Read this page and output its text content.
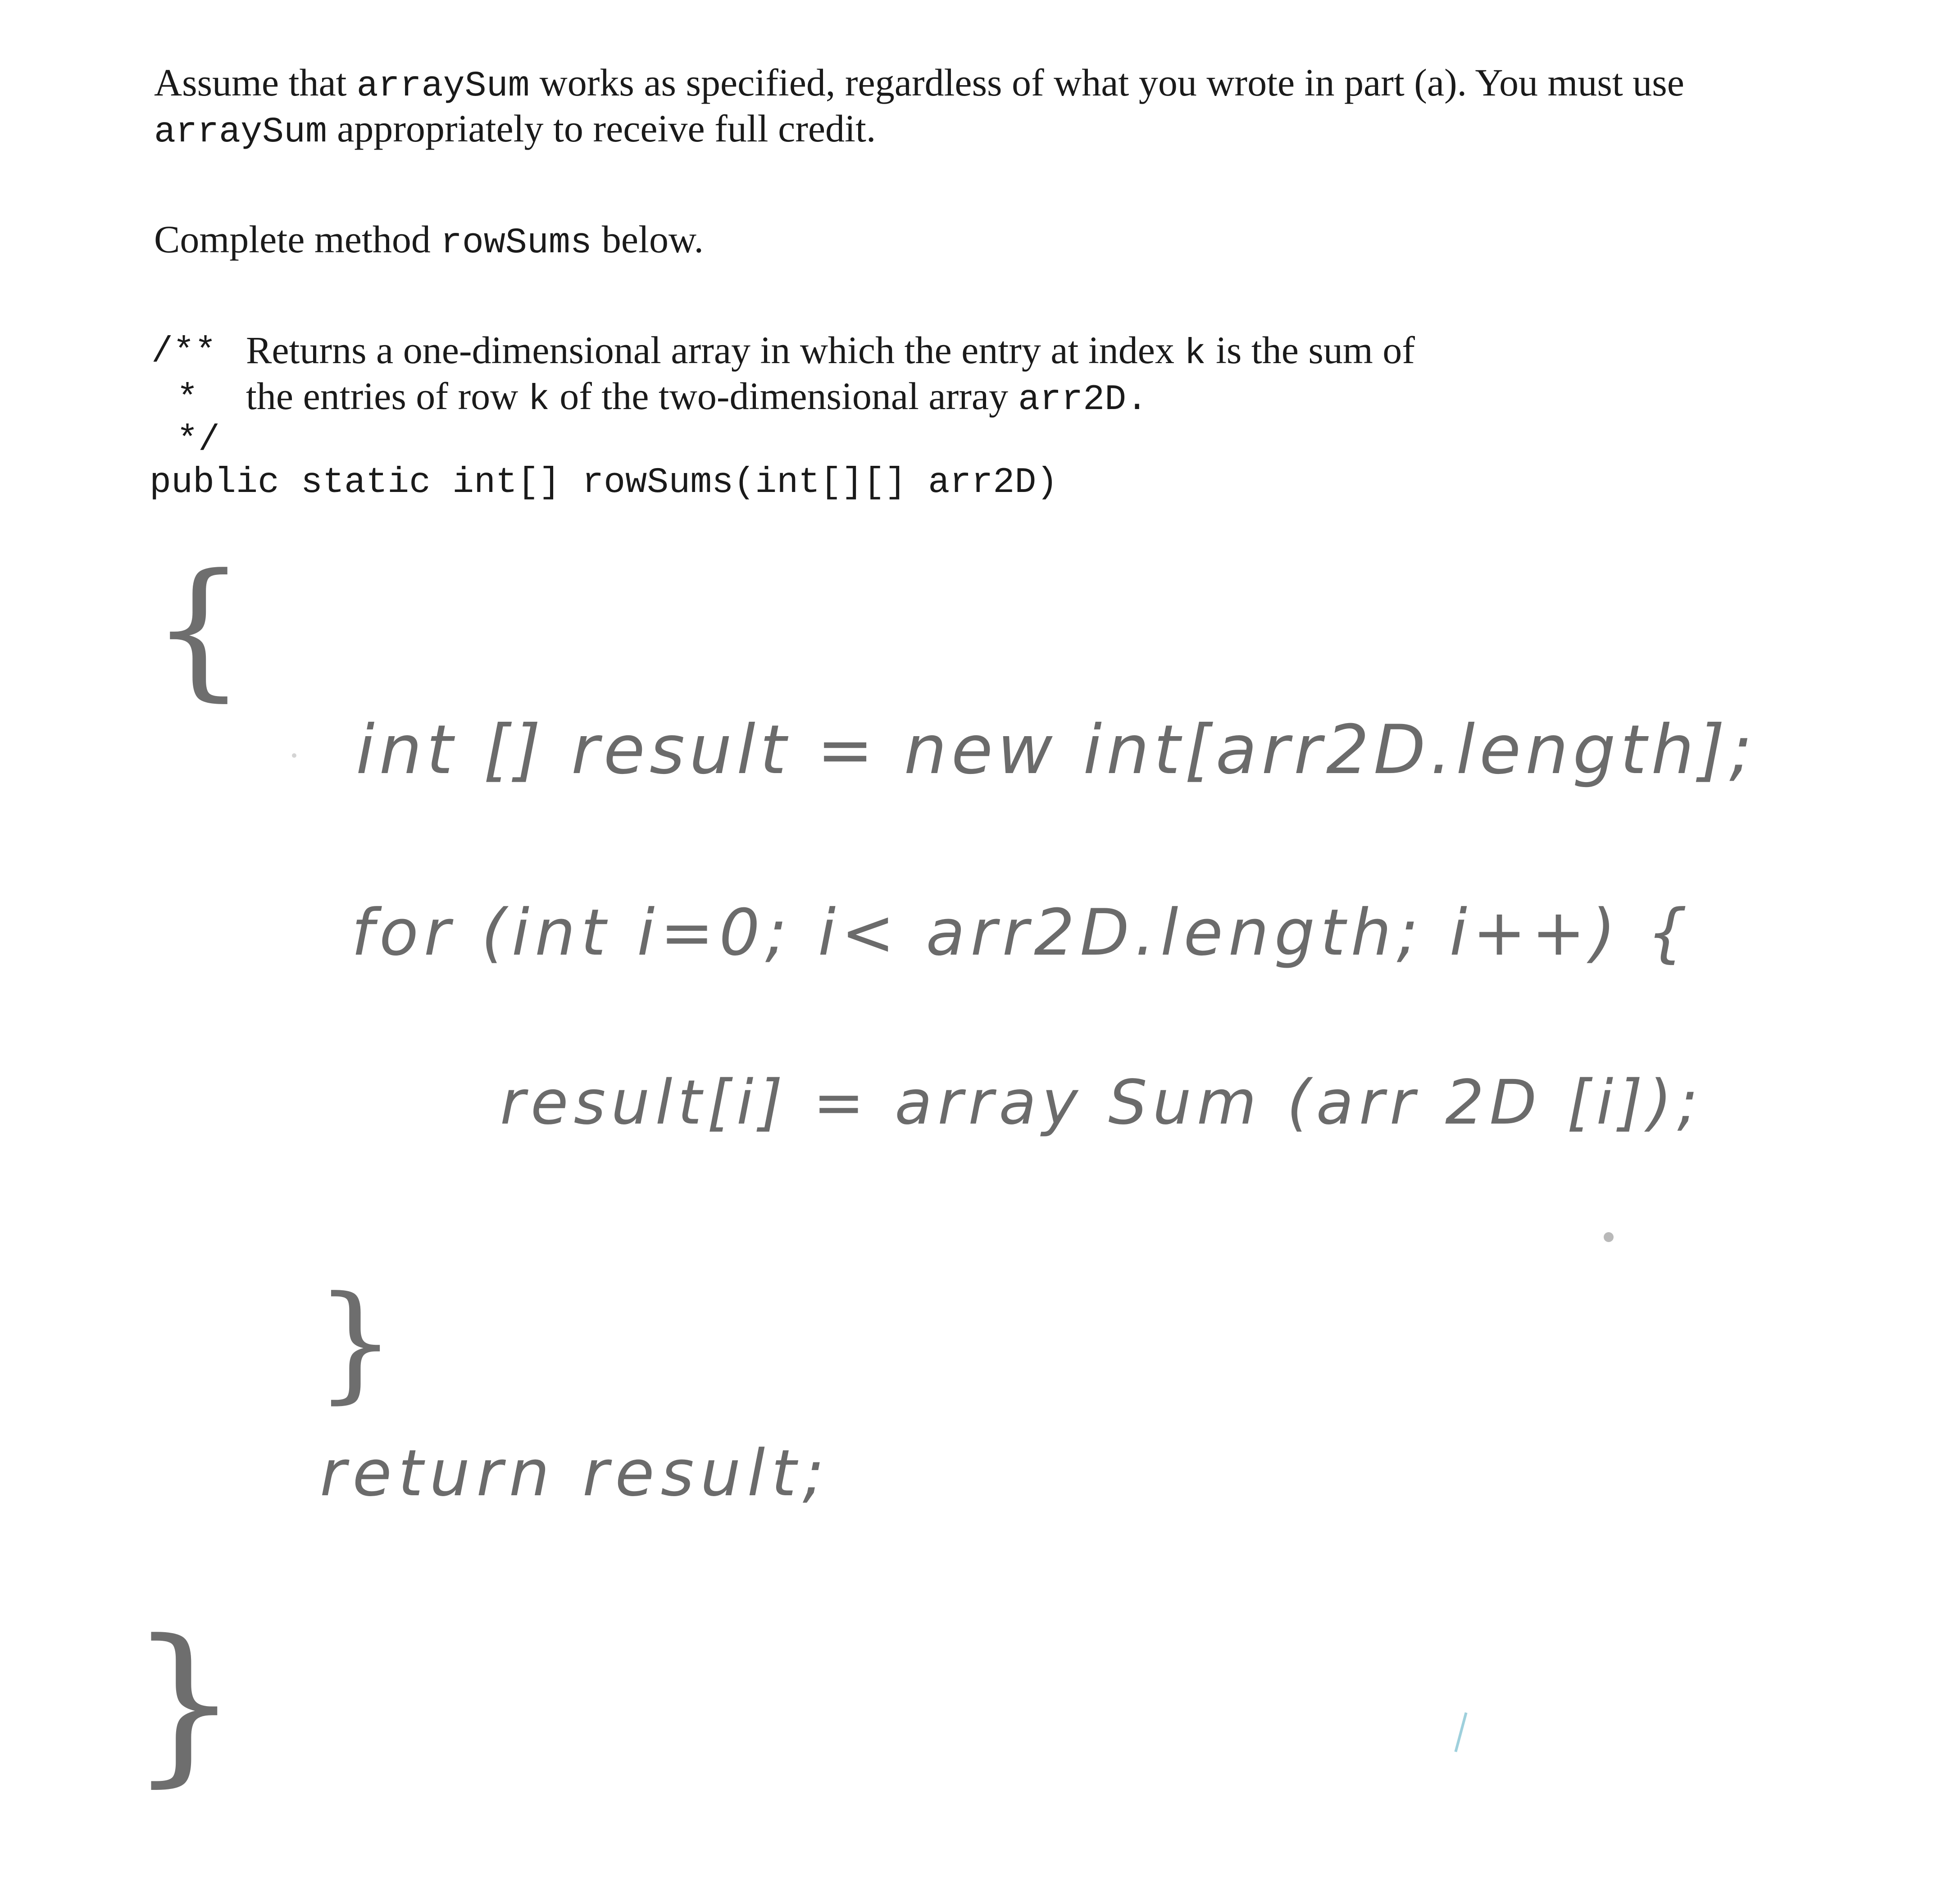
Assume that arraySum works as specified, regardless of what you wrote in part (a). You must use
arraySum appropriately to receive full credit.
Complete method rowSums below.
/** Returns a one-dimensional array in which the entry at index k is the sum of
* the entries of row k of the two-dimensional array arr2D.
*/
public static int[] rowSums(int[][] arr2D)
{
int [] result = new int[arr2D.length];
for (int i=0; i< arr2D.length; i++) {
result[i] = array Sum (arr 2D [i]);
}
return result;
}
